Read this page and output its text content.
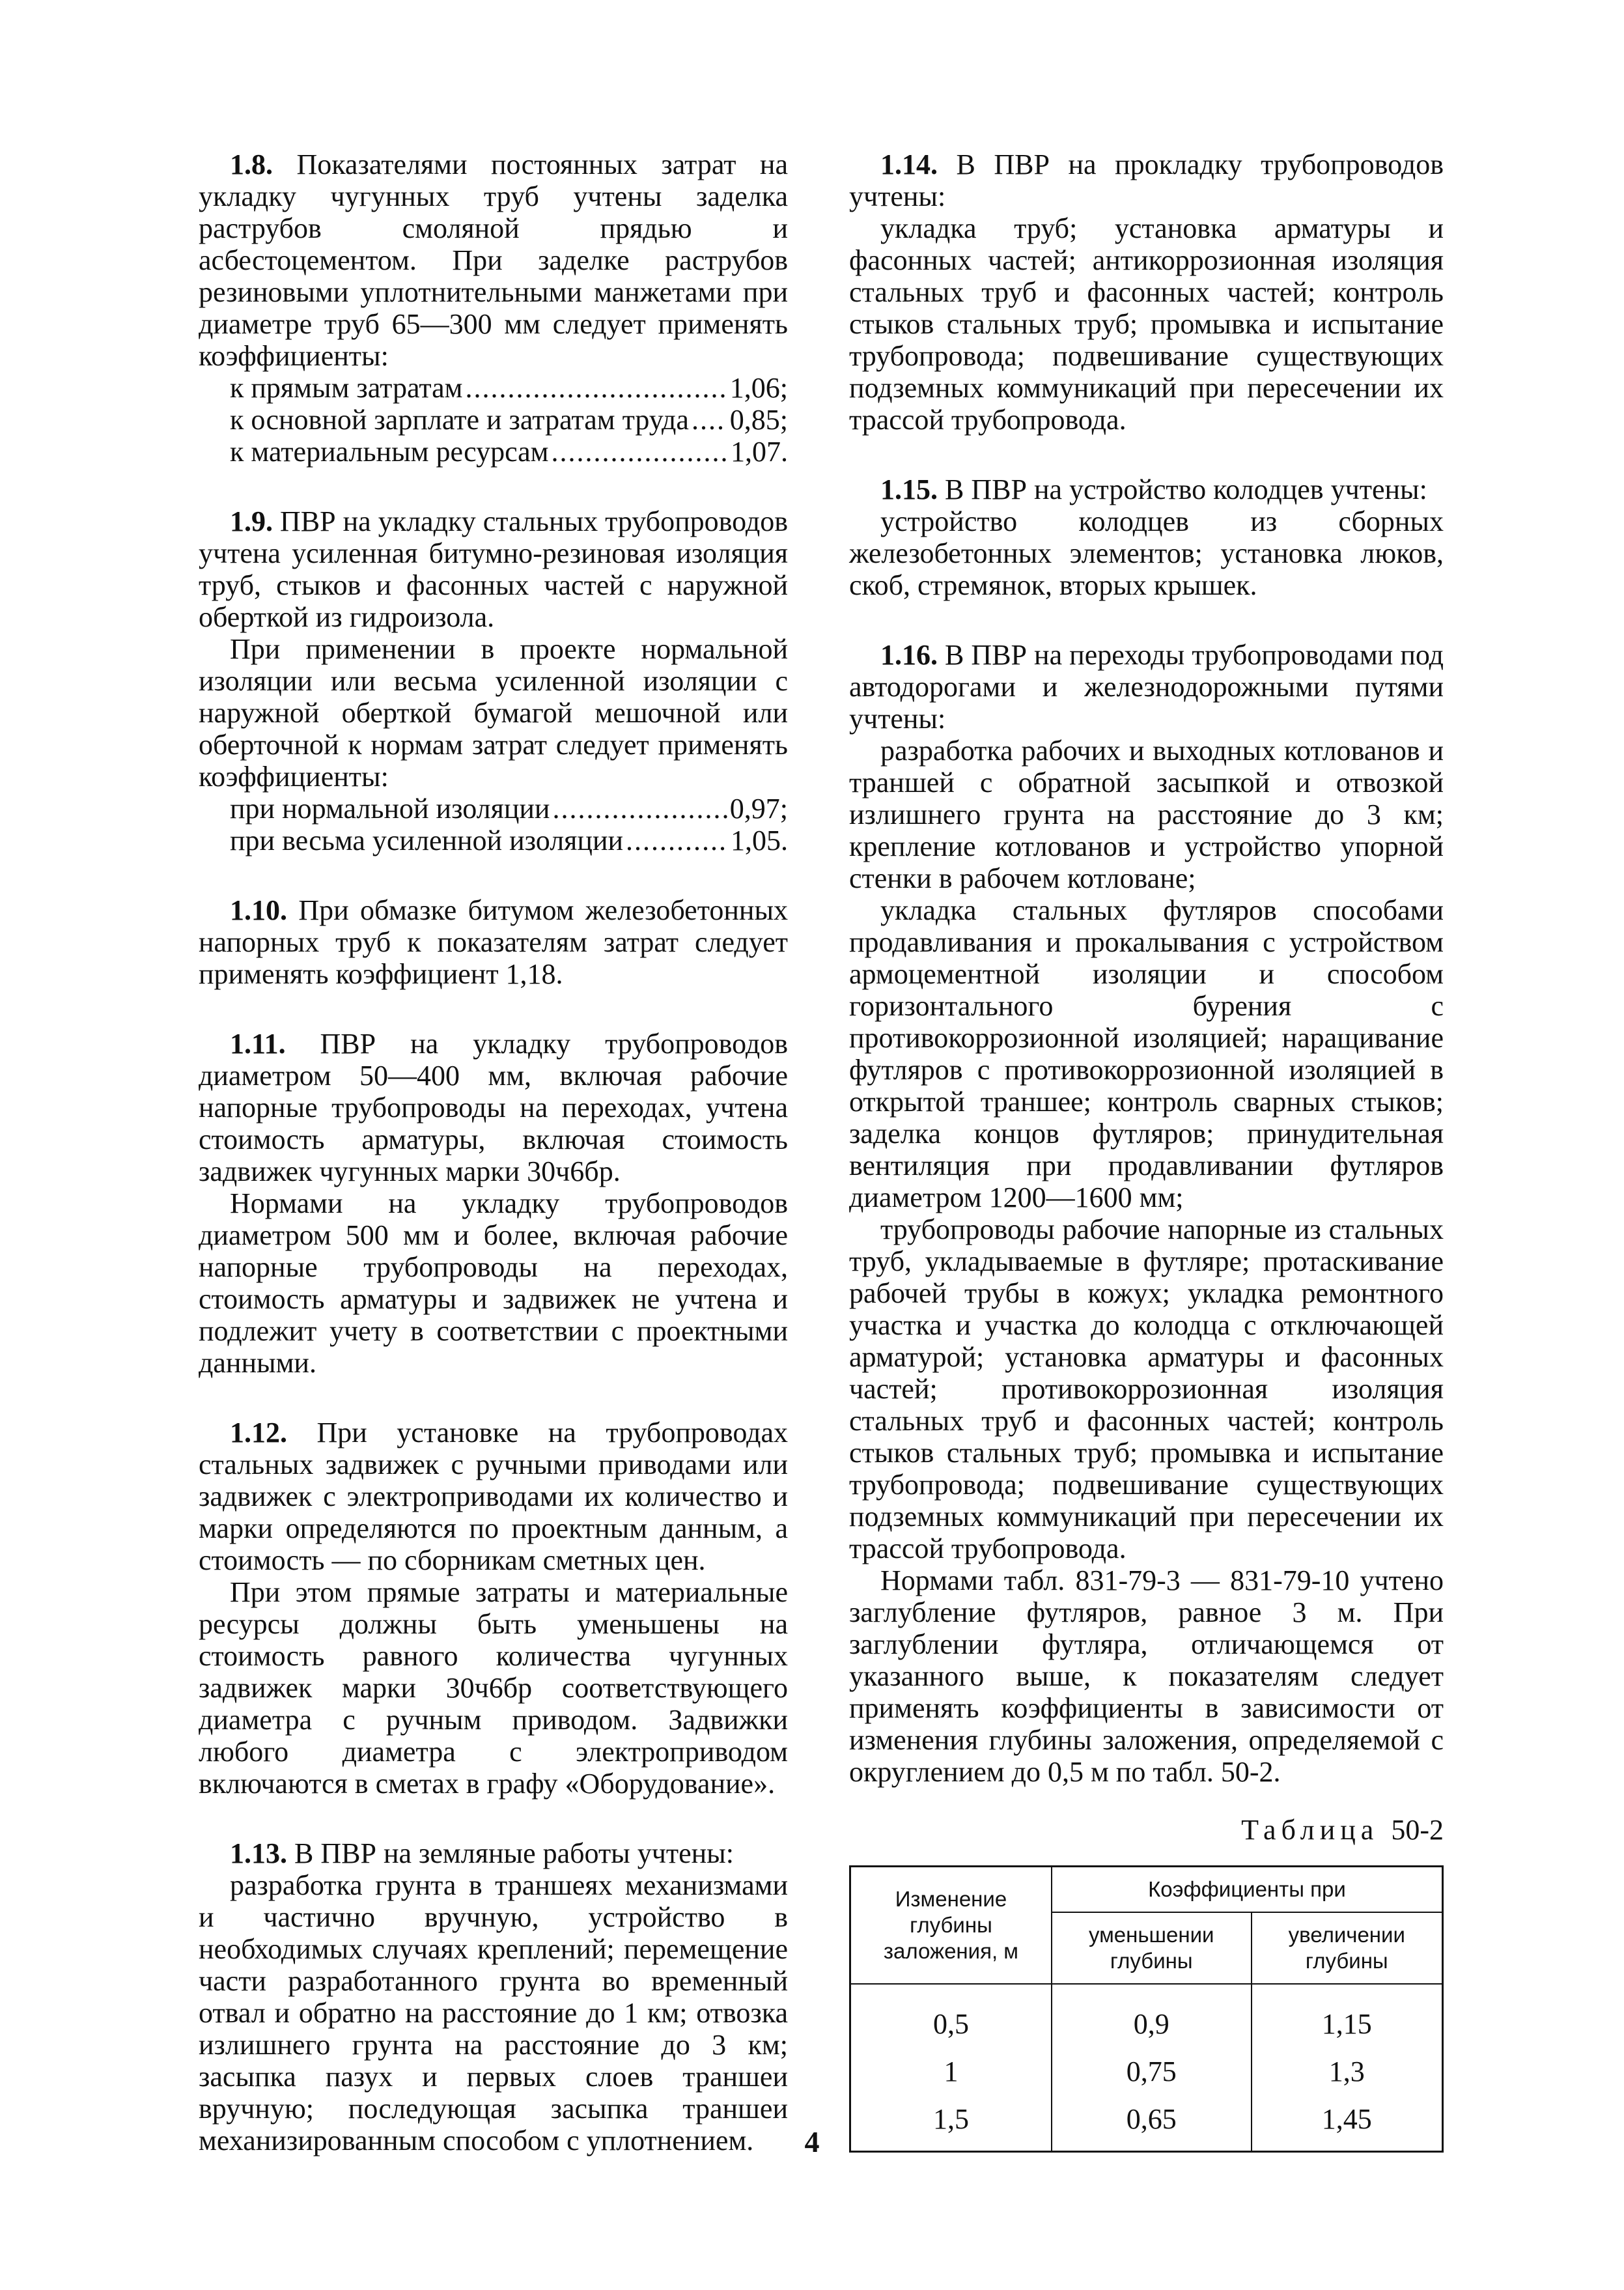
1.8. Показателями постоянных затрат на укладку чугунных труб учтены заделка раструбов смоляной прядью и асбестоцементом. При заделке раструбов резиновыми уплотнительными манжетами при диаметре труб 65—300 мм следует применять коэффициенты:

к прямым затратам .....	1,06;
к основной зарплате и затратам труда ..... 0,85;
к материальным ресурсам .....	1,07.

1.9. ПВР на укладку стальных трубопроводов учтена усиленная битумно-резиновая изоляция труб, стыков и фасонных частей с наружной оберткой из гидроизола.

При применении в проекте нормальной изоляции или весьма усиленной изоляции с наружной оберткой бумагой мешочной или оберточной к нормам затрат следует применять коэффициенты:

при нормальной изоляции .....	0,97;
при весьма усиленной изоляции .....	1,05.

1.10. При обмазке битумом железобетонных напорных труб к показателям затрат следует применять коэффициент 1,18.

1.11. ПВР на укладку трубопроводов диаметром 50—400 мм, включая рабочие напорные трубопроводы на переходах, учтена стоимость арматуры, включая стоимость задвижек чугунных марки 30ч6бр.

Нормами на укладку трубопроводов диаметром 500 мм и более, включая рабочие напорные трубопроводы на переходах, стоимость арматуры и задвижек не учтена и подлежит учету в соответствии с проектными данными.

1.12. При установке на трубопроводах стальных задвижек с ручными приводами или задвижек с электроприводами их количество и марки определяются по проектным данным, а стоимость — по сборникам сметных цен.

При этом прямые затраты и материальные ресурсы должны быть уменьшены на стоимость равного количества чугунных задвижек марки 30ч6бр соответствующего диаметра с ручным приводом. Задвижки любого диаметра с электроприводом включаются в сметах в графу «Оборудование».

1.13. В ПВР на земляные работы учтены:

разработка грунта в траншеях механизмами и частично вручную, устройство в необходимых случаях креплений; перемещение части разработанного грунта во временный отвал и обратно на расстояние до 1 км; отвозка излишнего грунта на расстояние до 3 км; засыпка пазух и первых слоев траншеи вручную; последующая засыпка траншеи механизированным способом с уплотнением.

1.14. В ПВР на прокладку трубопроводов учтены:

укладка труб; установка арматуры и фасонных частей; антикоррозионная изоляция стальных труб и фасонных частей; контроль стыков стальных труб; промывка и испытание трубопровода; подвешивание существующих подземных коммуникаций при пересечении их трассой трубопровода.

1.15. В ПВР на устройство колодцев учтены:

устройство колодцев из сборных железобетонных элементов; установка люков, скоб, стремянок, вторых крышек.

1.16. В ПВР на переходы трубопроводами под автодорогами и железнодорожными путями учтены:

разработка рабочих и выходных котлованов и траншей с обратной засыпкой и отвозкой излишнего грунта на расстояние до 3 км; крепление котлованов и устройство упорной стенки в рабочем котловане;

укладка стальных футляров способами продавливания и прокалывания с устройством армоцементной изоляции и способом горизонтального бурения с противокоррозионной изоляцией; наращивание футляров с противокоррозионной изоляцией в открытой траншее; контроль сварных стыков; заделка концов футляров; принудительная вентиляция при продавливании футляров диаметром 1200—1600 мм;

трубопроводы рабочие напорные из стальных труб, укладываемые в футляре; протаскивание рабочей трубы в кожух; укладка ремонтного участка и участка до колодца с отключающей арматурой; установка арматуры и фасонных частей; противокоррозионная изоляция стальных труб и фасонных частей; контроль стыков стальных труб; промывка и испытание трубопровода; подвешивание существующих подземных коммуникаций при пересечении их трассой трубопровода.

Нормами табл. 831-79-3 — 831-79-10 учтено заглубление футляров, равное 3 м. При заглублении футляра, отличающемся от указанного выше, к показателям следует применять коэффициенты в зависимости от изменения глубины заложения, определяемой с округлением до 0,5 м по табл. 50-2.

Таблица 50-2

Изменение глубины заложения, м	Коэффициенты при	
	уменьшении глубины	увеличении глубины
0,5	0,9	1,15
1	0,75	1,3
1,5	0,65	1,45
4
